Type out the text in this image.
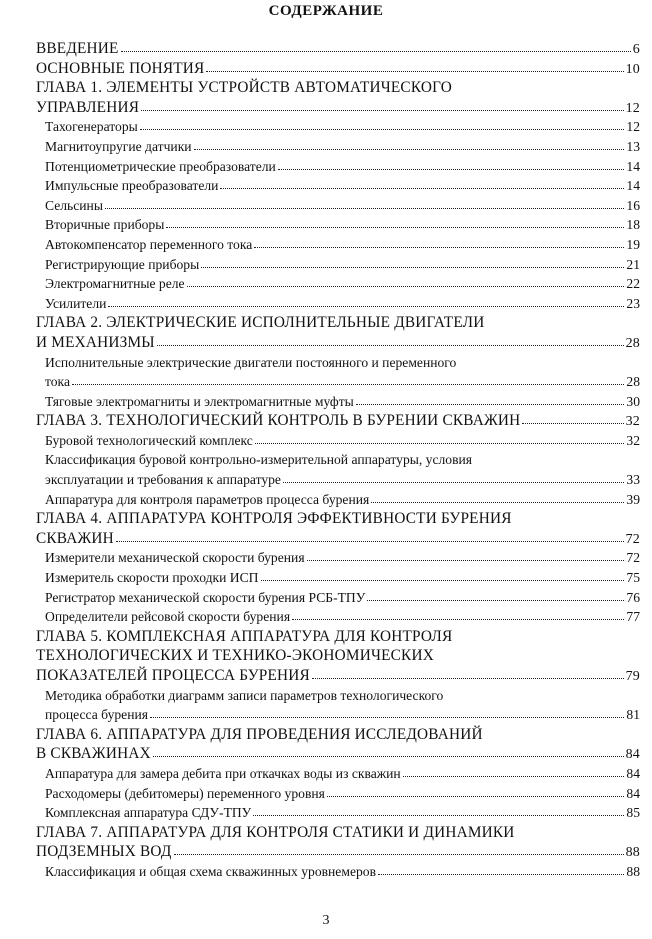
СОДЕРЖАНИЕ
ВВЕДЕНИЕ	6
ОСНОВНЫЕ ПОНЯТИЯ	10
ГЛАВА 1. ЭЛЕМЕНТЫ УСТРОЙСТВ АВТОМАТИЧЕСКОГО
УПРАВЛЕНИЯ	12
Тахогенераторы	12
Магнитоупругие датчики	13
Потенциометрические преобразователи	14
Импульсные преобразователи	14
Сельсины	16
Вторичные приборы	18
Автокомпенсатор переменного тока	19
Регистрирующие приборы	21
Электромагнитные реле	22
Усилители	23
ГЛАВА 2. ЭЛЕКТРИЧЕСКИЕ ИСПОЛНИТЕЛЬНЫЕ ДВИГАТЕЛИ
И МЕХАНИЗМЫ	28
Исполнительные электрические двигатели постоянного и переменного
тока	28
Тяговые электромагниты и электромагнитные муфты	30
ГЛАВА 3. ТЕХНОЛОГИЧЕСКИЙ КОНТРОЛЬ В БУРЕНИИ СКВАЖИН	32
Буровой технологический комплекс	32
Классификация буровой контрольно-измерительной аппаратуры, условия
эксплуатации и требования к аппаратуре	33
Аппаратура для контроля параметров процесса бурения	39
ГЛАВА 4. АППАРАТУРА КОНТРОЛЯ ЭФФЕКТИВНОСТИ БУРЕНИЯ
СКВАЖИН	72
Измерители механической скорости бурения	72
Измеритель скорости проходки ИСП	75
Регистратор механической скорости бурения РСБ-ТПУ	76
Определители рейсовой скорости бурения	77
ГЛАВА 5. КОМПЛЕКСНАЯ АППАРАТУРА ДЛЯ КОНТРОЛЯ
ТЕХНОЛОГИЧЕСКИХ И ТЕХНИКО-ЭКОНОМИЧЕСКИХ
ПОКАЗАТЕЛЕЙ ПРОЦЕССА БУРЕНИЯ	79
Методика обработки диаграмм записи параметров технологического
процесса бурения	81
ГЛАВА 6. АППАРАТУРА ДЛЯ ПРОВЕДЕНИЯ ИССЛЕДОВАНИЙ
В СКВАЖИНАХ	84
Аппаратура для замера дебита при откачках воды из скважин	84
Расходомеры (дебитомеры) переменного уровня	84
Комплексная аппаратура СДУ-ТПУ	85
ГЛАВА 7. АППАРАТУРА ДЛЯ КОНТРОЛЯ СТАТИКИ И ДИНАМИКИ
ПОДЗЕМНЫХ ВОД	88
Классификация и общая схема скважинных уровнемеров	88
3
